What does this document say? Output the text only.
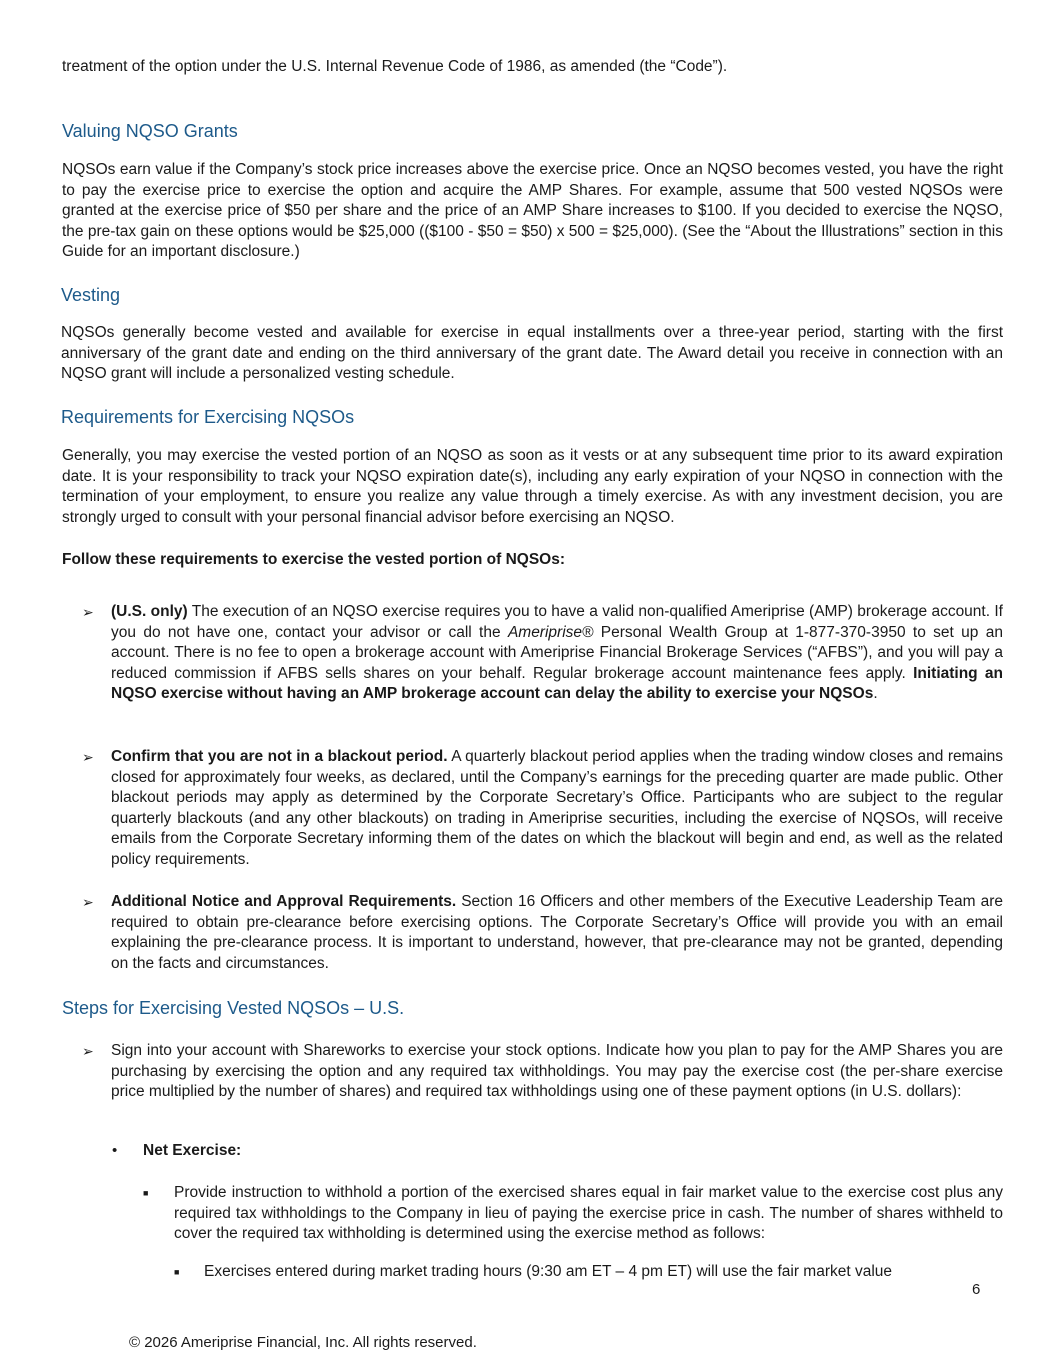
treatment of the option under the U.S. Internal Revenue Code of 1986, as amended (the “Code”).

Valuing NQSO Grants

NQSOs earn value if the Company’s stock price increases above the exercise price. Once an NQSO becomes vested, you have the right to pay the exercise price to exercise the option and acquire the AMP Shares. For example, assume that 500 vested NQSOs were granted at the exercise price of $50 per share and the price of an AMP Share increases to $100. If you decided to exercise the NQSO, the pre-tax gain on these options would be $25,000 (($100 - $50 = $50) x 500 = $25,000). (See the “About the Illustrations” section in this Guide for an important disclosure.)

Vesting

NQSOs generally become vested and available for exercise in equal installments over a three-year period, starting with the first anniversary of the grant date and ending on the third anniversary of the grant date. The Award detail you receive in connection with an NQSO grant will include a personalized vesting schedule.

Requirements for Exercising NQSOs

Generally, you may exercise the vested portion of an NQSO as soon as it vests or at any subsequent time prior to its award expiration date. It is your responsibility to track your NQSO expiration date(s), including any early expiration of your NQSO in connection with the termination of your employment, to ensure you realize any value through a timely exercise. As with any investment decision, you are strongly urged to consult with your personal financial advisor before exercising an NQSO.

Follow these requirements to exercise the vested portion of NQSOs:

➢ (U.S. only) The execution of an NQSO exercise requires you to have a valid non-qualified Ameriprise (AMP) brokerage account. If you do not have one, contact your advisor or call the Ameriprise® Personal Wealth Group at 1-877-370-3950 to set up an account. There is no fee to open a brokerage account with Ameriprise Financial Brokerage Services (“AFBS”), and you will pay a reduced commission if AFBS sells shares on your behalf. Regular brokerage account maintenance fees apply. Initiating an NQSO exercise without having an AMP brokerage account can delay the ability to exercise your NQSOs.
➢ Confirm that you are not in a blackout period. A quarterly blackout period applies when the trading window closes and remains closed for approximately four weeks, as declared, until the Company’s earnings for the preceding quarter are made public. Other blackout periods may apply as determined by the Corporate Secretary’s Office. Participants who are subject to the regular quarterly blackouts (and any other blackouts) on trading in Ameriprise securities, including the exercise of NQSOs, will receive emails from the Corporate Secretary informing them of the dates on which the blackout will begin and end, as well as the related policy requirements.
➢ Additional Notice and Approval Requirements. Section 16 Officers and other members of the Executive Leadership Team are required to obtain pre-clearance before exercising options. The Corporate Secretary’s Office will provide you with an email explaining the pre-clearance process. It is important to understand, however, that pre-clearance may not be granted, depending on the facts and circumstances.
Steps for Exercising Vested NQSOs – U.S.
➢ Sign into your account with Shareworks to exercise your stock options. Indicate how you plan to pay for the AMP Shares you are purchasing by exercising the option and any required tax withholdings. You may pay the exercise cost (the per-share exercise price multiplied by the number of shares) and required tax withholdings using one of these payment options (in U.S. dollars):
• Net Exercise:
■ Provide instruction to withhold a portion of the exercised shares equal in fair market value to the exercise cost plus any required tax withholdings to the Company in lieu of paying the exercise price in cash. The number of shares withheld to cover the required tax withholding is determined using the exercise method as follows:
■ Exercises entered during market trading hours (9:30 am ET – 4 pm ET) will use the fair market value
6
© 2026 Ameriprise Financial, Inc. All rights reserved.
